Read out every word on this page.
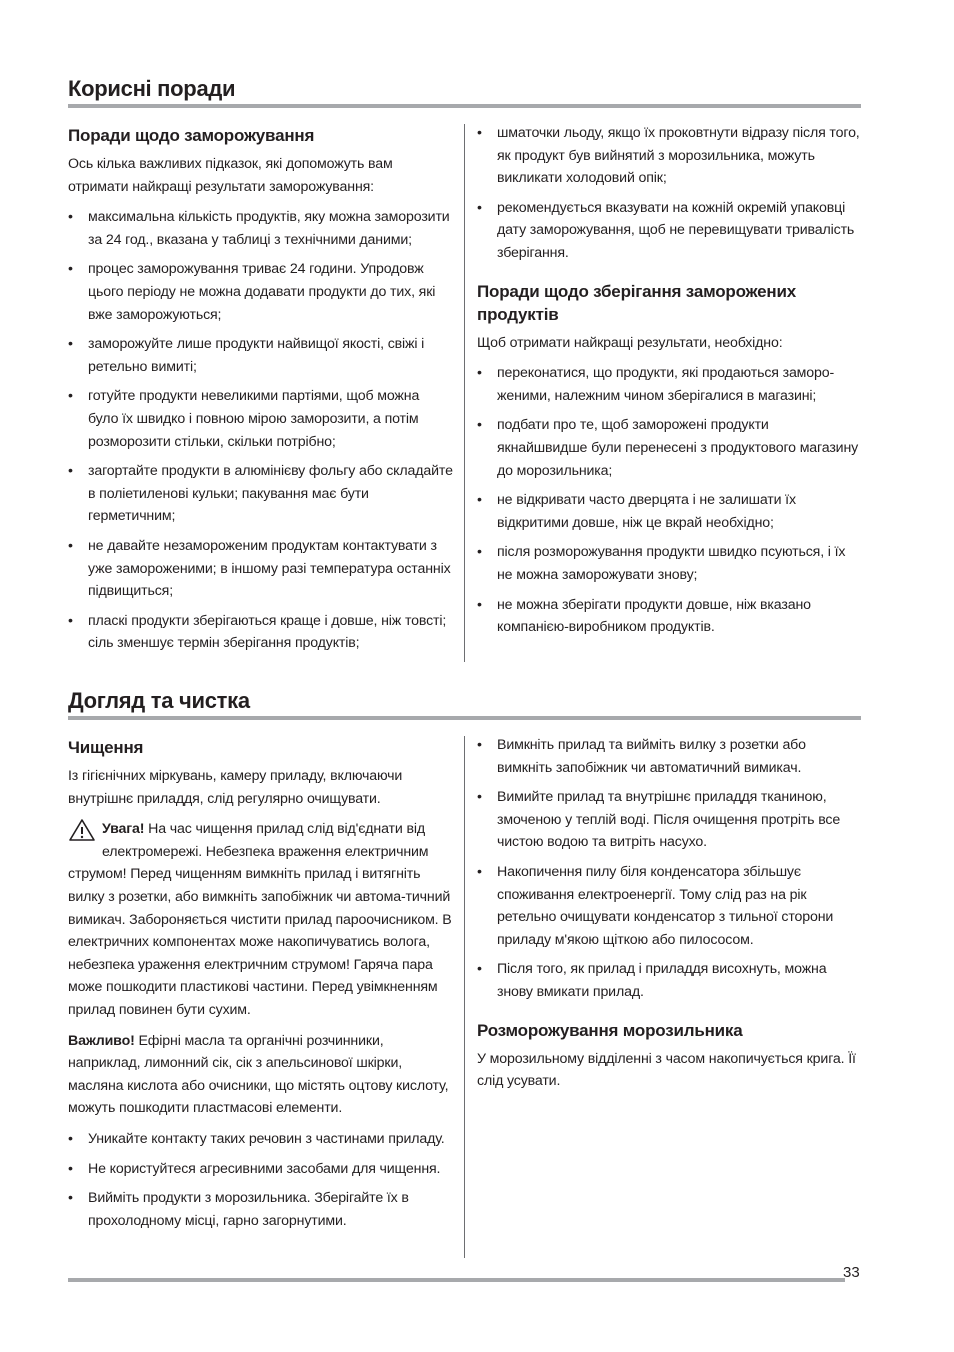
Корисні поради
Поради щодо заморожування

Ось кілька важливих підказок, які допоможуть вам отримати найкращі результати заморожування:

• максимальна кількість продуктів, яку можна заморозити за 24 год., вказана у таблиці з технічними даними;
• процес заморожування триває 24 години. Упродовж цього періоду не можна додавати продукти до тих, які вже заморожуються;
• заморожуйте лише продукти найвищої якості, свіжі і ретельно вимиті;
• готуйте продукти невеликими партіями, щоб можна було їх швидко і повною мірою заморозити, а потім розморозити стільки, скільки потрібно;
• загортайте продукти в алюмінієву фольгу або складайте в поліетиленові кульки; пакування має бути герметичним;
• не давайте незамороженим продуктам контактувати з уже замороженими; в іншому разі температура останніх підвищиться;
• пласкі продукти зберігаються краще і довше, ніж товсті; сіль зменшує термін зберігання продуктів;
• шматочки льоду, якщо їх проковтнути відразу після того, як продукт був вийнятий з морозильника, можуть викликати холодовий опік;
• рекомендується вказувати на кожній окремій упаковці дату заморожування, щоб не перевищувати тривалість зберігання.
Поради щодо зберігання заморожених продуктів

Щоб отримати найкращі результати, необхідно:

• переконатися, що продукти, які продаються заморо-женими, належним чином зберігалися в магазині;
• подбати про те, щоб заморожені продукти якнайшвидше були перенесені з продуктового магазину до морозильника;
• не відкривати часто дверцята і не залишати їх відкритими довше, ніж це вкрай необхідно;
• після розморожування продукти швидко псуються, і їх не можна заморожувати знову;
• не можна зберігати продукти довше, ніж вказано компанією-виробником продуктів.
Догляд та чистка
Чищення

Із гігієнічних міркувань, камеру приладу, включаючи внутрішнє приладдя, слід регулярно очищувати.

Увага! На час чищення прилад слід від'єднати від електромережі. Небезпека враження електричним струмом! Перед чищенням вимкніть прилад і витягніть вилку з розетки, або вимкніть запобіжник чи автома-тичний вимикач. Забороняється чистити прилад пароочисником. В електричних компонентах може накопичуватись волога, небезпека ураження електричним струмом! Гаряча пара може пошкодити пластикові частини. Перед увімкненням прилад повинен бути сухим.

Важливо! Ефірні масла та органічні розчинники, наприклад, лимонний сік, сік з апельсинової шкірки, масляна кислота або очисники, що містять оцтову кислоту, можуть пошкодити пластмасові елементи.

• Уникайте контакту таких речовин з частинами приладу.
• Не користуйтеся агресивними засобами для чищення.
• Вийміть продукти з морозильника. Зберігайте їх в прохолодному місці, гарно загорнутими.
• Вимкніть прилад та вийміть вилку з розетки або вимкніть запобіжник чи автоматичний вимикач.
• Вимийте прилад та внутрішнє приладдя тканиною, змоченою у теплій воді. Після очищення протріть все чистою водою та витріть насухо.
• Накопичення пилу біля конденсатора збільшує споживання електроенергії. Тому слід раз на рік ретельно очищувати конденсатор з тильної сторони приладу м'якою щіткою або пилососом.
• Після того, як прилад і приладдя висохнуть, можна знову вмикати прилад.
Розморожування морозильника

У морозильному відділенні з часом накопичується крига. Її слід усувати.

33
